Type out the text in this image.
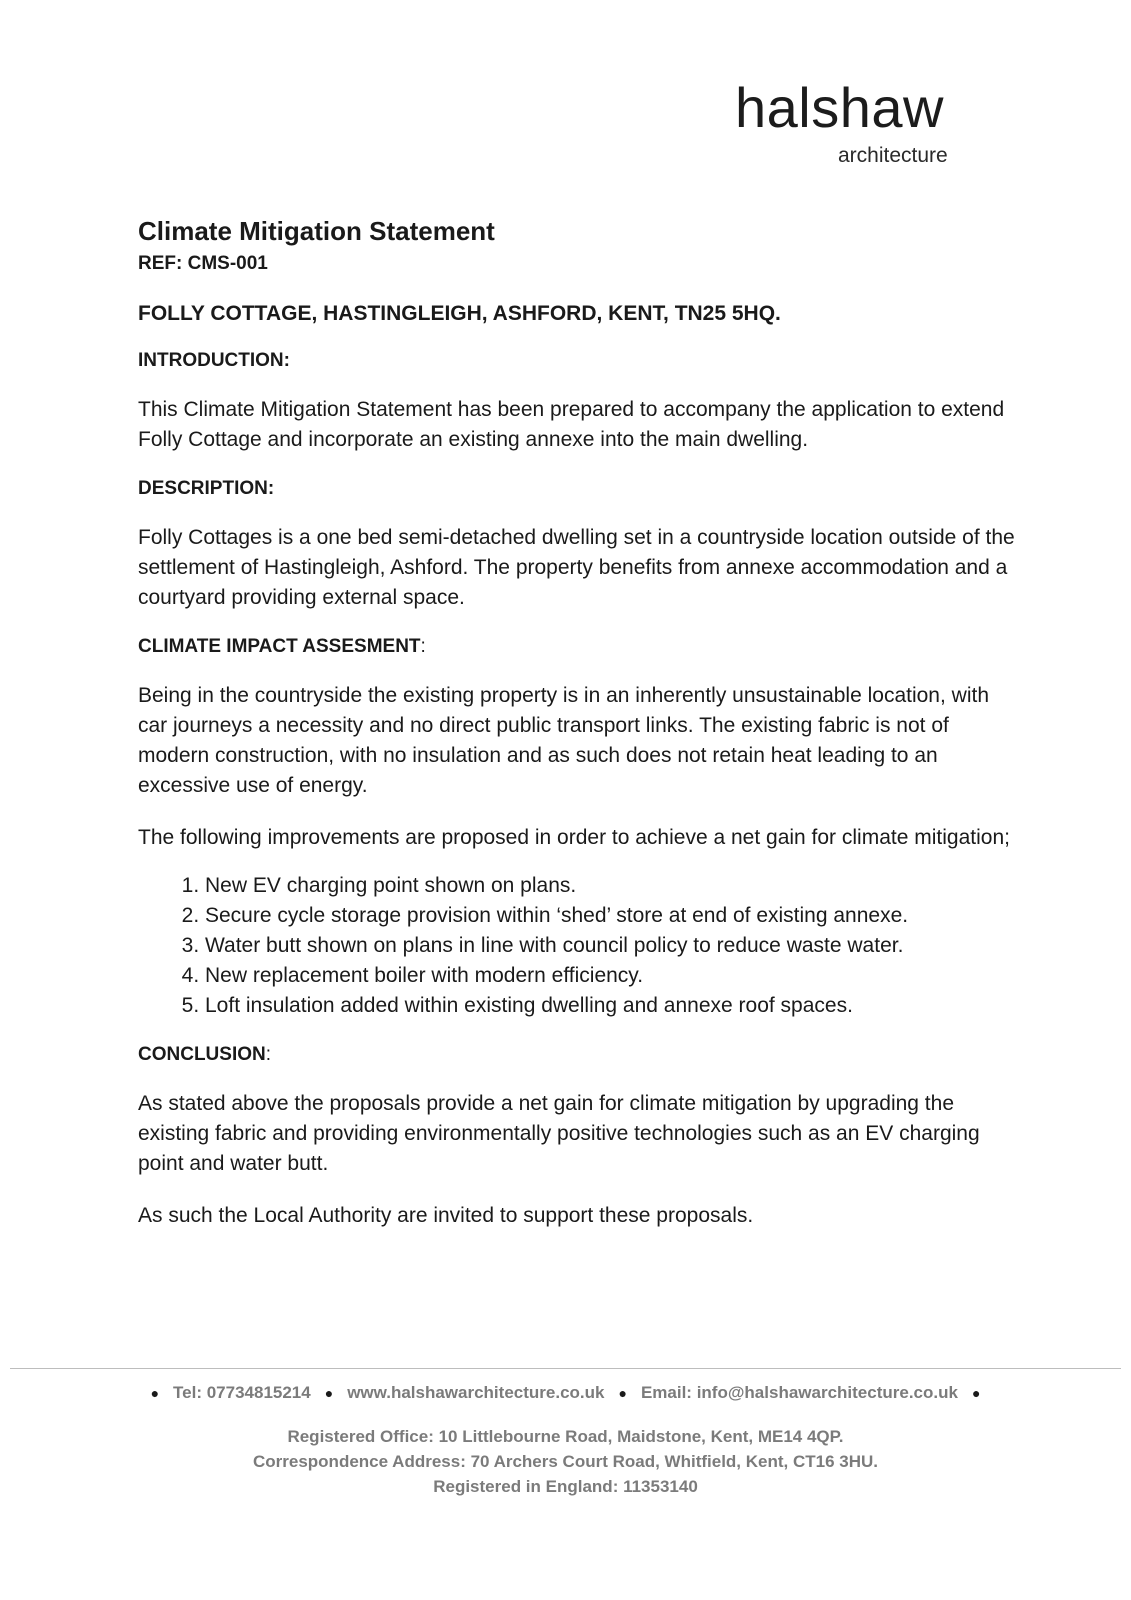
halshaw
architecture
Climate Mitigation Statement
REF: CMS-001
FOLLY COTTAGE, HASTINGLEIGH, ASHFORD, KENT, TN25 5HQ.
INTRODUCTION:

This Climate Mitigation Statement has been prepared to accompany the application to extend Folly Cottage and incorporate an existing annexe into the main dwelling.

DESCRIPTION:

Folly Cottages is a one bed semi-detached dwelling set in a countryside location outside of the settlement of Hastingleigh, Ashford. The property benefits from annexe accommodation and a courtyard providing external space.

CLIMATE IMPACT ASSESMENT:

Being in the countryside the existing property is in an inherently unsustainable location, with car journeys a necessity and no direct public transport links. The existing fabric is not of modern construction, with no insulation and as such does not retain heat leading to an excessive use of energy.

The following improvements are proposed in order to achieve a net gain for climate mitigation;

1. New EV charging point shown on plans.
2. Secure cycle storage provision within ‘shed’ store at end of existing annexe.
3. Water butt shown on plans in line with council policy to reduce waste water.
4. New replacement boiler with modern efficiency.
5. Loft insulation added within existing dwelling and annexe roof spaces.
CONCLUSION:

As stated above the proposals provide a net gain for climate mitigation by upgrading the existing fabric and providing environmentally positive technologies such as an EV charging point and water butt.

As such the Local Authority are invited to support these proposals.

● Tel: 07734815214 ● www.halshawarchitecture.co.uk ● Email: info@halshawarchitecture.co.uk ●
Registered Office: 10 Littlebourne Road, Maidstone, Kent, ME14 4QP.
Correspondence Address: 70 Archers Court Road, Whitfield, Kent, CT16 3HU.
Registered in England: 11353140
